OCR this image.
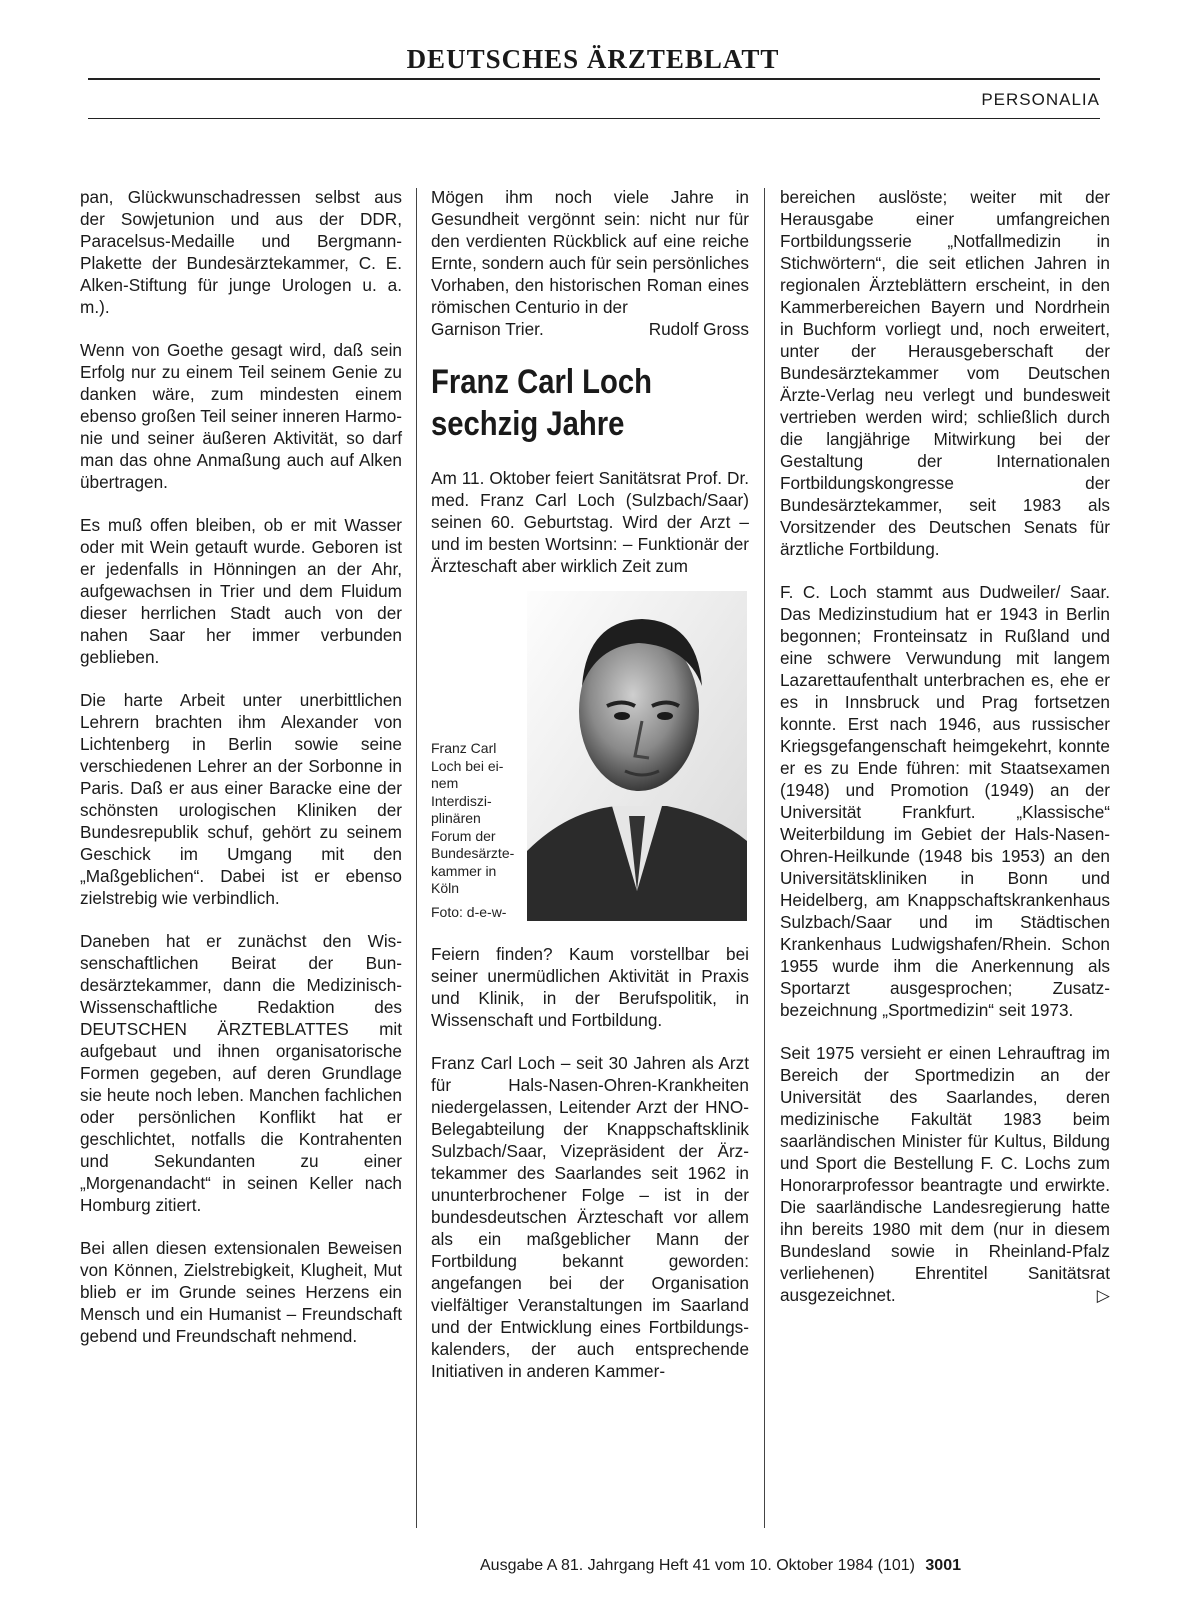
DEUTSCHES ÄRZTEBLATT
PERSONALIA

pan, Glückwunschadressen selbst aus der Sowjetunion und aus der DDR, Paracelsus-Medaille und Bergmann-Plakette der Bundesärztekammer, C. E. Alken-Stiftung für junge Urologen u. a. m.).

Wenn von Goethe gesagt wird, daß sein Erfolg nur zu einem Teil seinem Genie zu danken wäre, zum mindesten einem ebenso großen Teil seiner inneren Harmonie und seiner äußeren Aktivität, so darf man das ohne Anmaßung auch auf Alken übertragen.

Es muß offen bleiben, ob er mit Wasser oder mit Wein getauft wurde. Geboren ist er jedenfalls in Hönningen an der Ahr, aufgewachsen in Trier und dem Fluidum dieser herrlichen Stadt auch von der nahen Saar her immer verbunden geblieben.

Die harte Arbeit unter unerbittlichen Lehrern brachten ihm Alexander von Lichtenberg in Berlin sowie seine verschiedenen Lehrer an der Sorbonne in Paris. Daß er aus einer Baracke eine der schönsten urologischen Kliniken der Bundesrepublik schuf, gehört zu seinem Geschick im Umgang mit den „Maßgeblichen“. Dabei ist er ebenso zielstrebig wie verbindlich.

Daneben hat er zunächst den Wissenschaftlichen Beirat der Bundesärztekammer, dann die Medizinisch-Wissenschaftliche Redaktion des DEUTSCHEN ÄRZTEBLATTES mit aufgebaut und ihnen organisatorische Formen gegeben, auf deren Grundlage sie heute noch leben. Manchen fachlichen oder persönlichen Konflikt hat er geschlichtet, notfalls die Kontrahenten und Sekundanten zu einer „Morgenandacht“ in seinen Keller nach Homburg zitiert.

Bei allen diesen extensionalen Beweisen von Können, Zielstrebigkeit, Klugheit, Mut blieb er im Grunde seines Herzens ein Mensch und ein Humanist – Freundschaft gebend und Freundschaft nehmend.

Mögen ihm noch viele Jahre in Gesundheit vergönnt sein: nicht nur für den verdienten Rückblick auf eine reiche Ernte, sondern auch für sein persönliches Vorhaben, den historischen Roman eines römischen Centurio in der

Garnison Trier.	Rudolf Gross

Franz Carl Loch
sechzig Jahre

Am 11. Oktober feiert Sanitätsrat Prof. Dr. med. Franz Carl Loch (Sulzbach/Saar) seinen 60. Geburtstag. Wird der Arzt – und im besten Wortsinn: – Funktionär der Ärzteschaft aber wirklich Zeit zum

Franz Carl Loch bei einem Interdisziplinären Forum der Bundesärztekammer in Köln
Foto: d-e-w-

Feiern finden? Kaum vorstellbar bei seiner unermüdlichen Aktivität in Praxis und Klinik, in der Berufspolitik, in Wissenschaft und Fortbildung.

Franz Carl Loch – seit 30 Jahren als Arzt für Hals-Nasen-Ohren-Krankheiten niedergelassen, Leitender Arzt der HNO-Belegabteilung der Knappschaftsklinik Sulzbach/Saar, Vizepräsident der Ärztekammer des Saarlandes seit 1962 in ununterbrochener Folge – ist in der bundesdeutschen Ärzteschaft vor allem als ein maßgeblicher Mann der Fortbildung bekannt geworden: angefangen bei der Organisation vielfältiger Veranstaltungen im Saarland und der Entwicklung eines Fortbildungskalenders, der auch entsprechende Initiativen in anderen Kammer-

bereichen auslöste; weiter mit der Herausgabe einer umfangreichen Fortbildungsserie „Notfallmedizin in Stichwörtern“, die seit etlichen Jahren in regionalen Ärzteblättern erscheint, in den Kammerbereichen Bayern und Nordrhein in Buchform vorliegt und, noch erweitert, unter der Herausgeberschaft der Bundesärztekammer vom Deutschen Ärzte-Verlag neu verlegt und bundesweit vertrieben werden wird; schließlich durch die langjährige Mitwirkung bei der Gestaltung der Internationalen Fortbildungskongresse der Bundesärztekammer, seit 1983 als Vorsitzender des Deutschen Senats für ärztliche Fortbildung.

F. C. Loch stammt aus Dudweiler/ Saar. Das Medizinstudium hat er 1943 in Berlin begonnen; Fronteinsatz in Rußland und eine schwere Verwundung mit langem Lazarettaufenthalt unterbrachen es, ehe er es in Innsbruck und Prag fortsetzen konnte. Erst nach 1946, aus russischer Kriegsgefangenschaft heimgekehrt, konnte er es zu Ende führen: mit Staatsexamen (1948) und Promotion (1949) an der Universität Frankfurt. „Klassische“ Weiterbildung im Gebiet der Hals-Nasen-Ohren-Heilkunde (1948 bis 1953) an den Universitätskliniken in Bonn und Heidelberg, am Knappschaftskrankenhaus Sulzbach/Saar und im Städtischen Krankenhaus Ludwigshafen/Rhein. Schon 1955 wurde ihm die Anerkennung als Sportarzt ausgesprochen; Zusatzbezeichnung „Sportmedizin“ seit 1973.

Seit 1975 versieht er einen Lehrauftrag im Bereich der Sportmedizin an der Universität des Saarlandes, deren medizinische Fakultät 1983 beim saarländischen Minister für Kultus, Bildung und Sport die Bestellung F. C. Lochs zum Honorarprofessor beantragte und erwirkte. Die saarländische Landesregierung hatte ihn bereits 1980 mit dem (nur in diesem Bundesland sowie in Rheinland-Pfalz verliehenen) Ehrentitel Sanitätsrat ausgezeichnet.	▷

Ausgabe A 81. Jahrgang Heft 41 vom 10. Oktober 1984 (101) 3001
